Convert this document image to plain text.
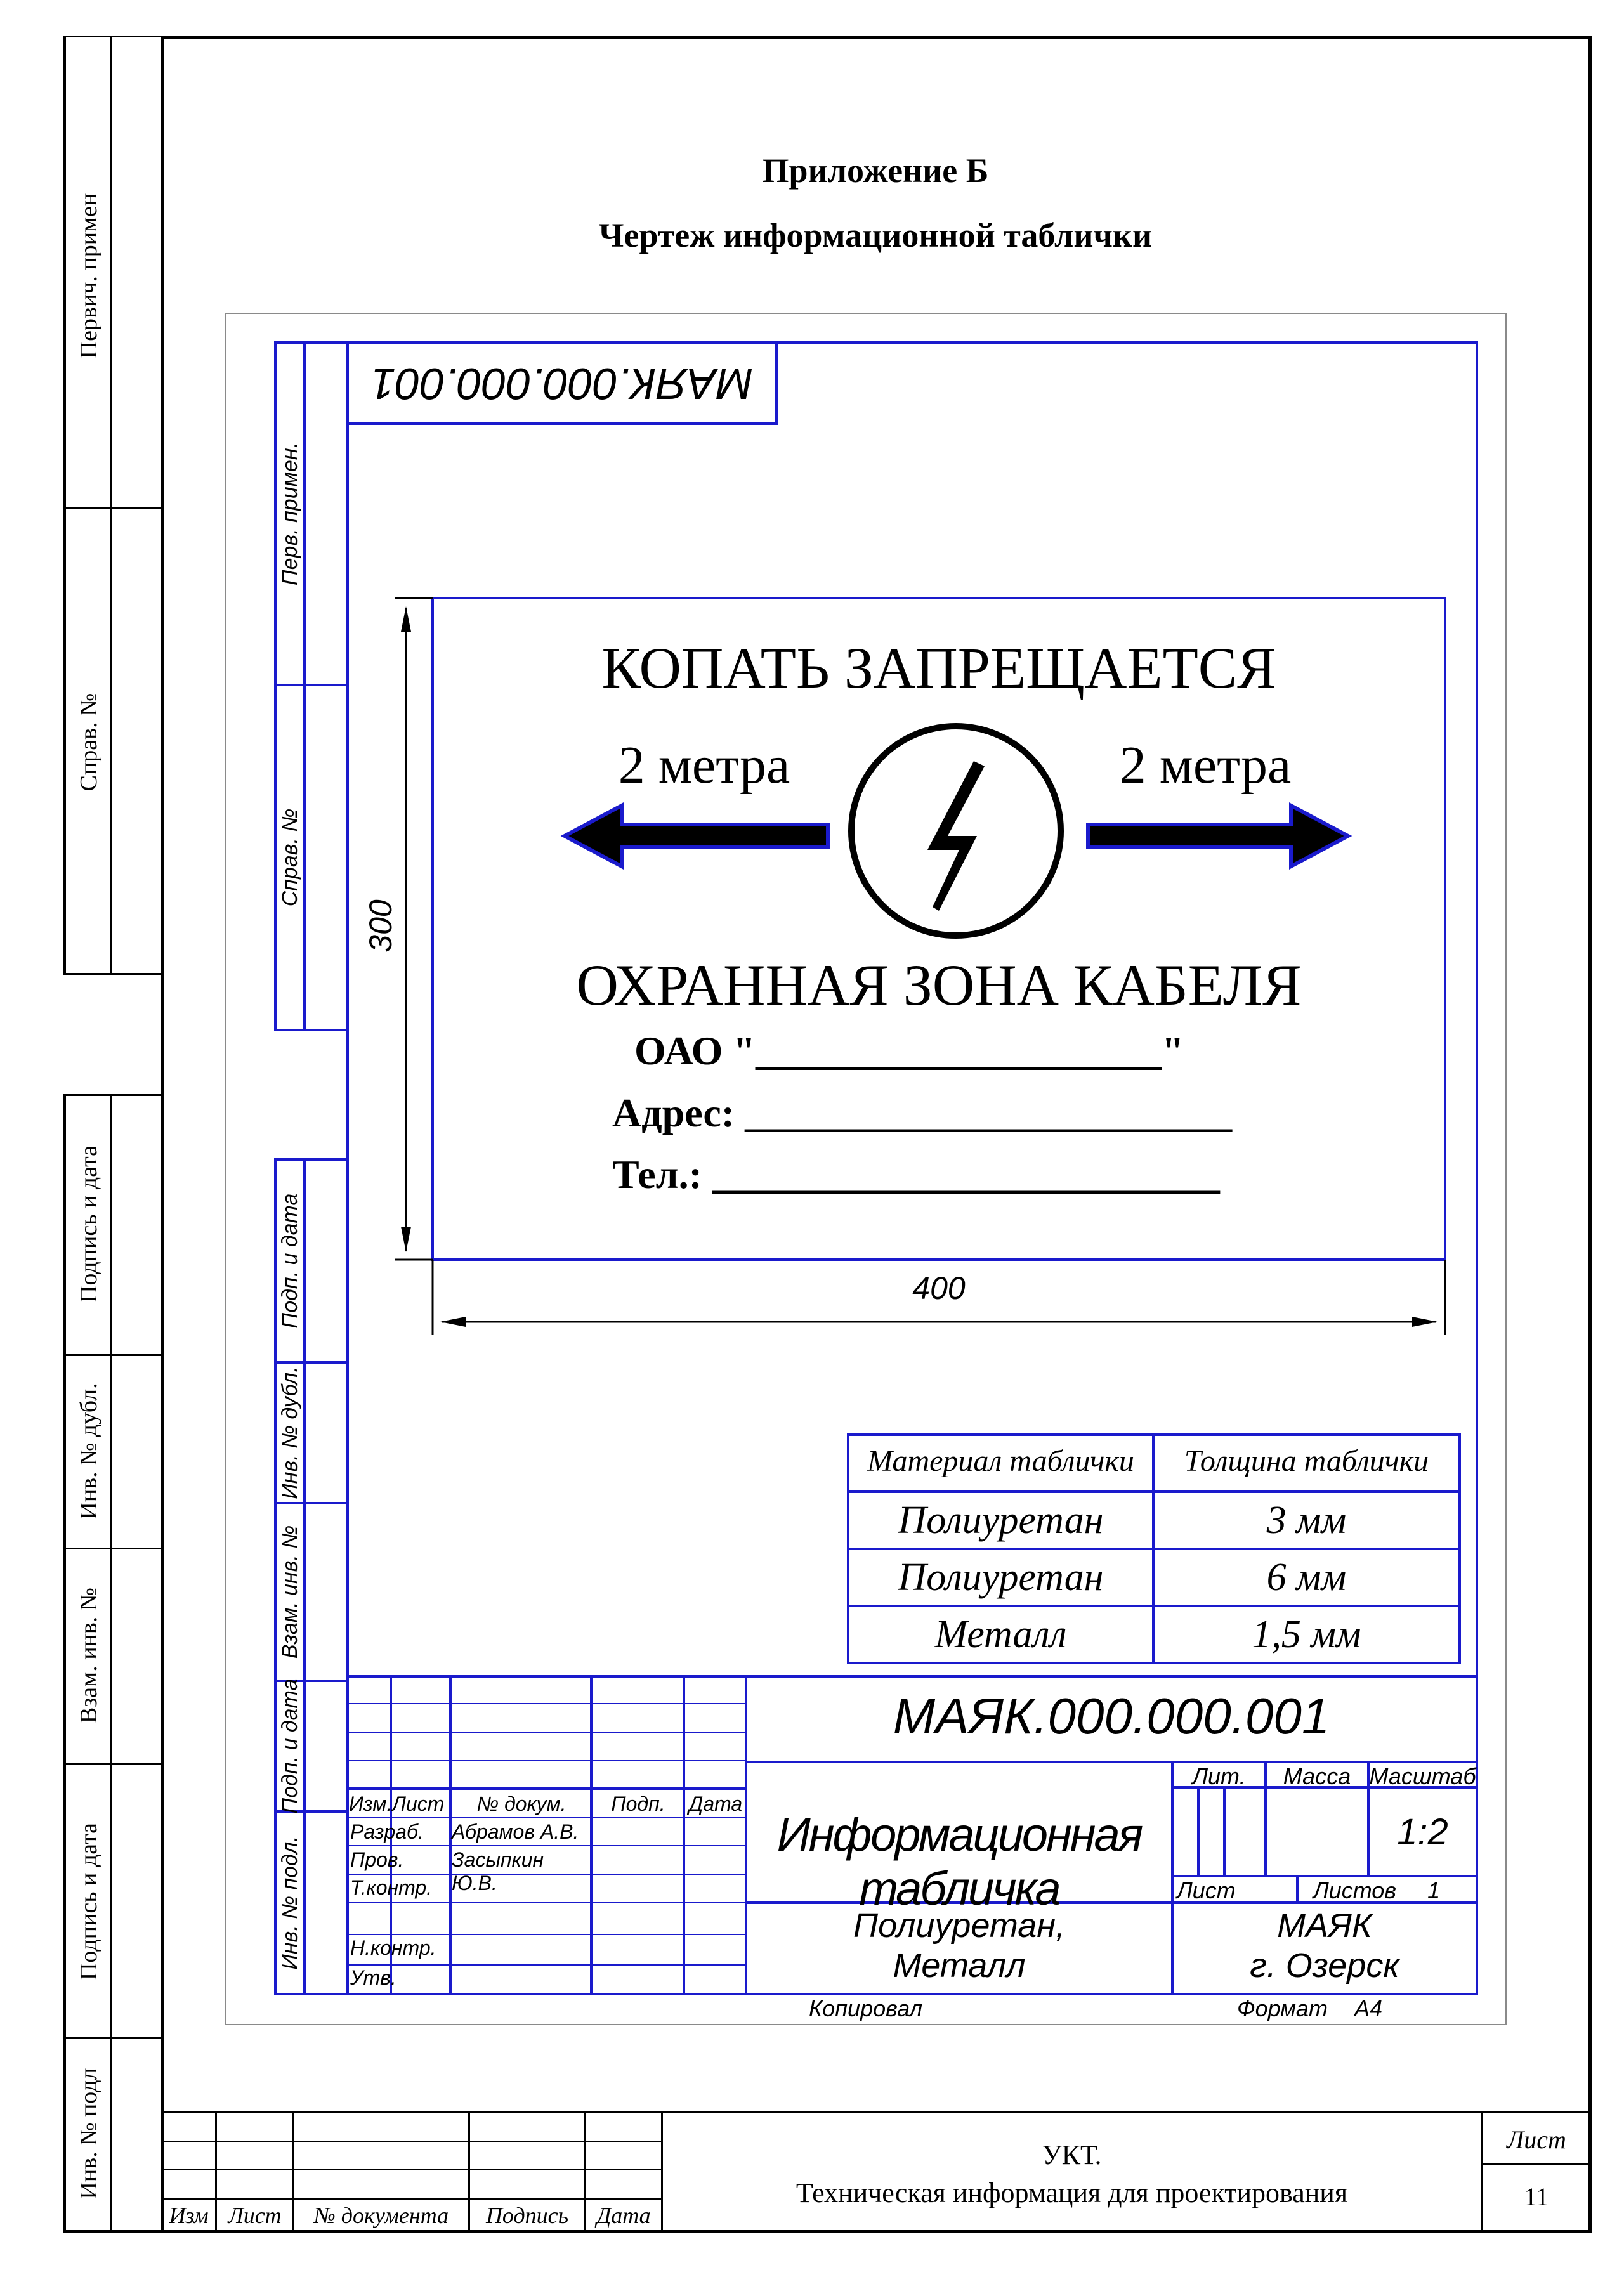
Первич. примен
Справ. №
Подпись и дата
Инв. № дубл.
Взам. инв. №
Подпись и дата
Инв. № подл
Приложение Б
Чертеж информационной таблички
МАЯК.000.000.001
Перв. примен.
Справ. №
Подп. и дата
Инв. № дубл.
Взам. инв. №
Подп. и дата
Инв. № подл.
КОПАТЬ ЗАПРЕЩАЕТСЯ
2 метра	2 метра
ОХРАННАЯ ЗОНА КАБЕЛЯ
ОАО "____________________"
Адрес: ________________________
Тел.: _________________________
300
400
Материал таблички	Толщина таблички
Полиуретан	3 мм
Полиуретан	6 мм
Металл	1,5 мм
МАЯК.000.000.001
Информационная табличка
Изм. Лист	№ докум.	Подп.	Дата
Разраб.	Абрамов А.В.
Пров.	Засыпкин Ю.В.
Т.контр.
Н.контр.
Утв.
Лит.	Масса Масштаб
1:2
Лист	Листов	1
Полиуретан,
Металл
МАЯК
г. Озерск
Копировал	Формат А4
Изм Лист	№ документа	Подпись	Дата
УКТ.
Техническая информация для проектирования
Лист
11
